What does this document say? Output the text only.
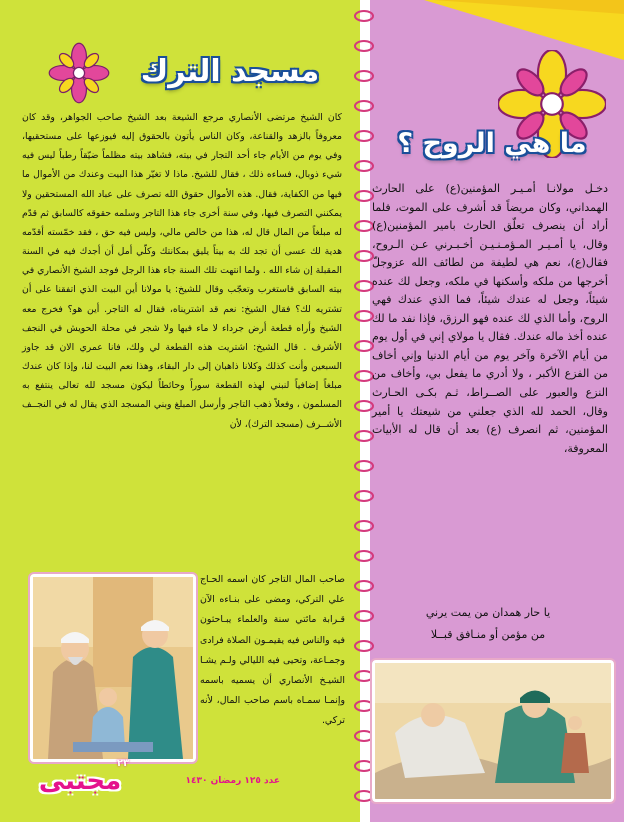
مسجد الترك
ما هي الروح ؟
كان الشيخ مرتضى الأنصاري مرجع الشيعة بعد الشيخ صاحب الجواهر، وقد كان معروفاً بالزهد والقناعة، وكان الناس يأتون بالحقوق إليه فيوزعها على مستحقيها، وفي يوم من الأيام جاء أحد التجار في بيته، فشاهد بيته مظلماً ضيّقاً رطباً ليس فيه شيء ذوبال، فساءه ذلك ، فقال للشيخ. ماذا لا تغيّر هذا البيت وعندك من الأموال ما فيها من الكفاية، فقال. هذه الأموال حقوق الله تصرف على عباد الله المستحقين ولا يمكنني التصرف فيها، وفي سنة أخرى جاء هذا التاجر وسلمه حقوقه كالسابق ثم قدّم له مبلغاً من المال قال له، هذا من خالص مالي، وليس فيه حق ، فقد خمّسته أقدّمه هدية لك عسى أن تجد لك به بيتاً يليق بمكانتك وكلّي أمل أن أجدك فيه في السنة المقبلة إن شاء الله . ولما انتهت تلك السنة جاء هذا الرجل فوجد الشيخ الأنصاري في بيته السابق فاستغرب وتعجّب وقال للشيخ: يا مولانا أين البيت الذي اتفقنا على أن تشتريه لك؟ فقال الشيخ: نعم قد اشتريناه، فقال له التاجر. أين هو؟ فخرج معه الشيخ وأراه قطعة أرض جرداء لا ماء فيها ولا شجر في محلة الحويش في النجف الأشرف . قال الشيخ: اشتريت هذه القطعة لي ولك، فانا عمري الان قد جاوز السبعين وأنت كذلك وكلانا ذاهبان إلى دار البقاء، وهذا نعم البيت لنا، وإذا كان عندك مبلغاً إضافياً لنبني لهذه القطعة سوراً وحائطاً ليكون مسجد لله تعالى ينتفع به المسلمون ، وفعلاً ذهب التاجر وأرسل المبلغ وبني المسجد الذي يقال له في النجــف الأشــرف (مسجد الترك)، لأن
صاحب المال التاجر كان اسمه الحـاج علي التركي، ومضى على بنـاءه الآن قـرابة مائتي سنة والعلماء يبـاحثون فيه والناس فيه يقيمـون الصلاة فرادى وجمـاعة، وتحيى فيه الليالي ولـم يشـا الشيـخ الأنصاري أن يسميه باسمه وإنمـا سمـاه باسم صاحب المال، لأنه تركي.
دخـل مولانـا أمـيـر المؤمنين(ع) على الحارث الهمداني، وكان مريضاً قد أشرف على الموت، فلما أراد أن ينصرف تعلّق الحارث بامير المؤمنين(ع) وقال، يا أمـيـر المـؤمـنـيـن أخـبـرني عـن الـروح، فقال(ع)، نعم هي لطيفة من لطائف الله عزوجلّ أخرجها من ملكه وأسكنها في ملكه، وجعل لك عنده شيئاً، وجعل له عندك شيئاً، فما الذي عندك فهي الروح، وأما الذي لك عنده فهو الرزق، فإذا نفد ما لك عنده أخذ ماله عندك. فقال يا مولاي إني في أول يوم من أيام الآخرة وآخر يوم من أيام الدنيا وإني أخاف من الفزع الأكبر ، ولا أدري ما يفعل بي، وأخاف من النزع والعبور على الصــراط، ثـم بكـى الحـارث وقال، الحمد لله الذي جعلني من شيعتك يا أمير المؤمنين، ثم انصرف (ع) بعد أن قال له الأبيات المعروفة،
يا حار همدان من يمت يرني
من مؤمن أو منـافق قبــلا
مجتبى
٢٣
عدد ١٢٥ رمضان ١٤٣٠
